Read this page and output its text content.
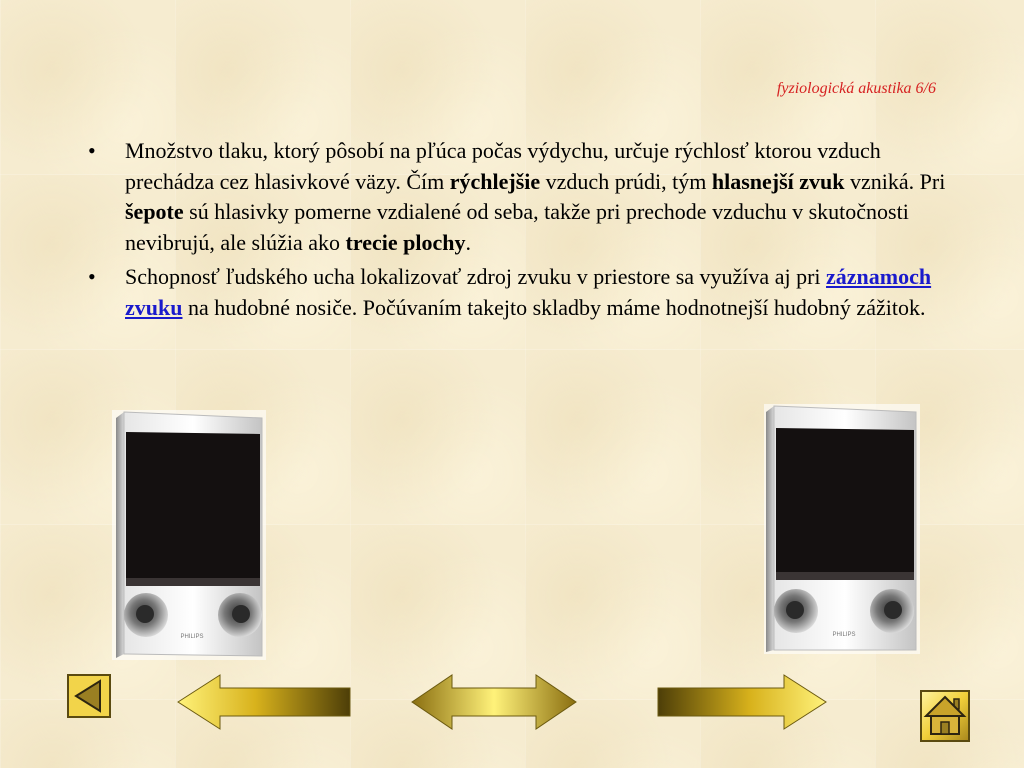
fyziologická akustika 6/6
• Množstvo tlaku, ktorý pôsobí na pľúca počas výdychu, určuje rýchlosť ktorou vzduch prechádza cez hlasivkové väzy. Čím rýchlejšie vzduch prúdi, tým hlasnejší zvuk vzniká. Pri šepote sú hlasivky pomerne vzdialené od seba, takže pri prechode vzduchu v skutočnosti nevibrujú, ale slúžia ako trecie plochy.
• Schopnosť ľudského ucha lokalizovať zdroj zvuku v priestore sa využíva aj pri záznamoch zvuku na hudobné nosiče. Počúvaním takejto skladby máme hodnotnejší hudobný zážitok.
PHILIPS	PHILIPS
